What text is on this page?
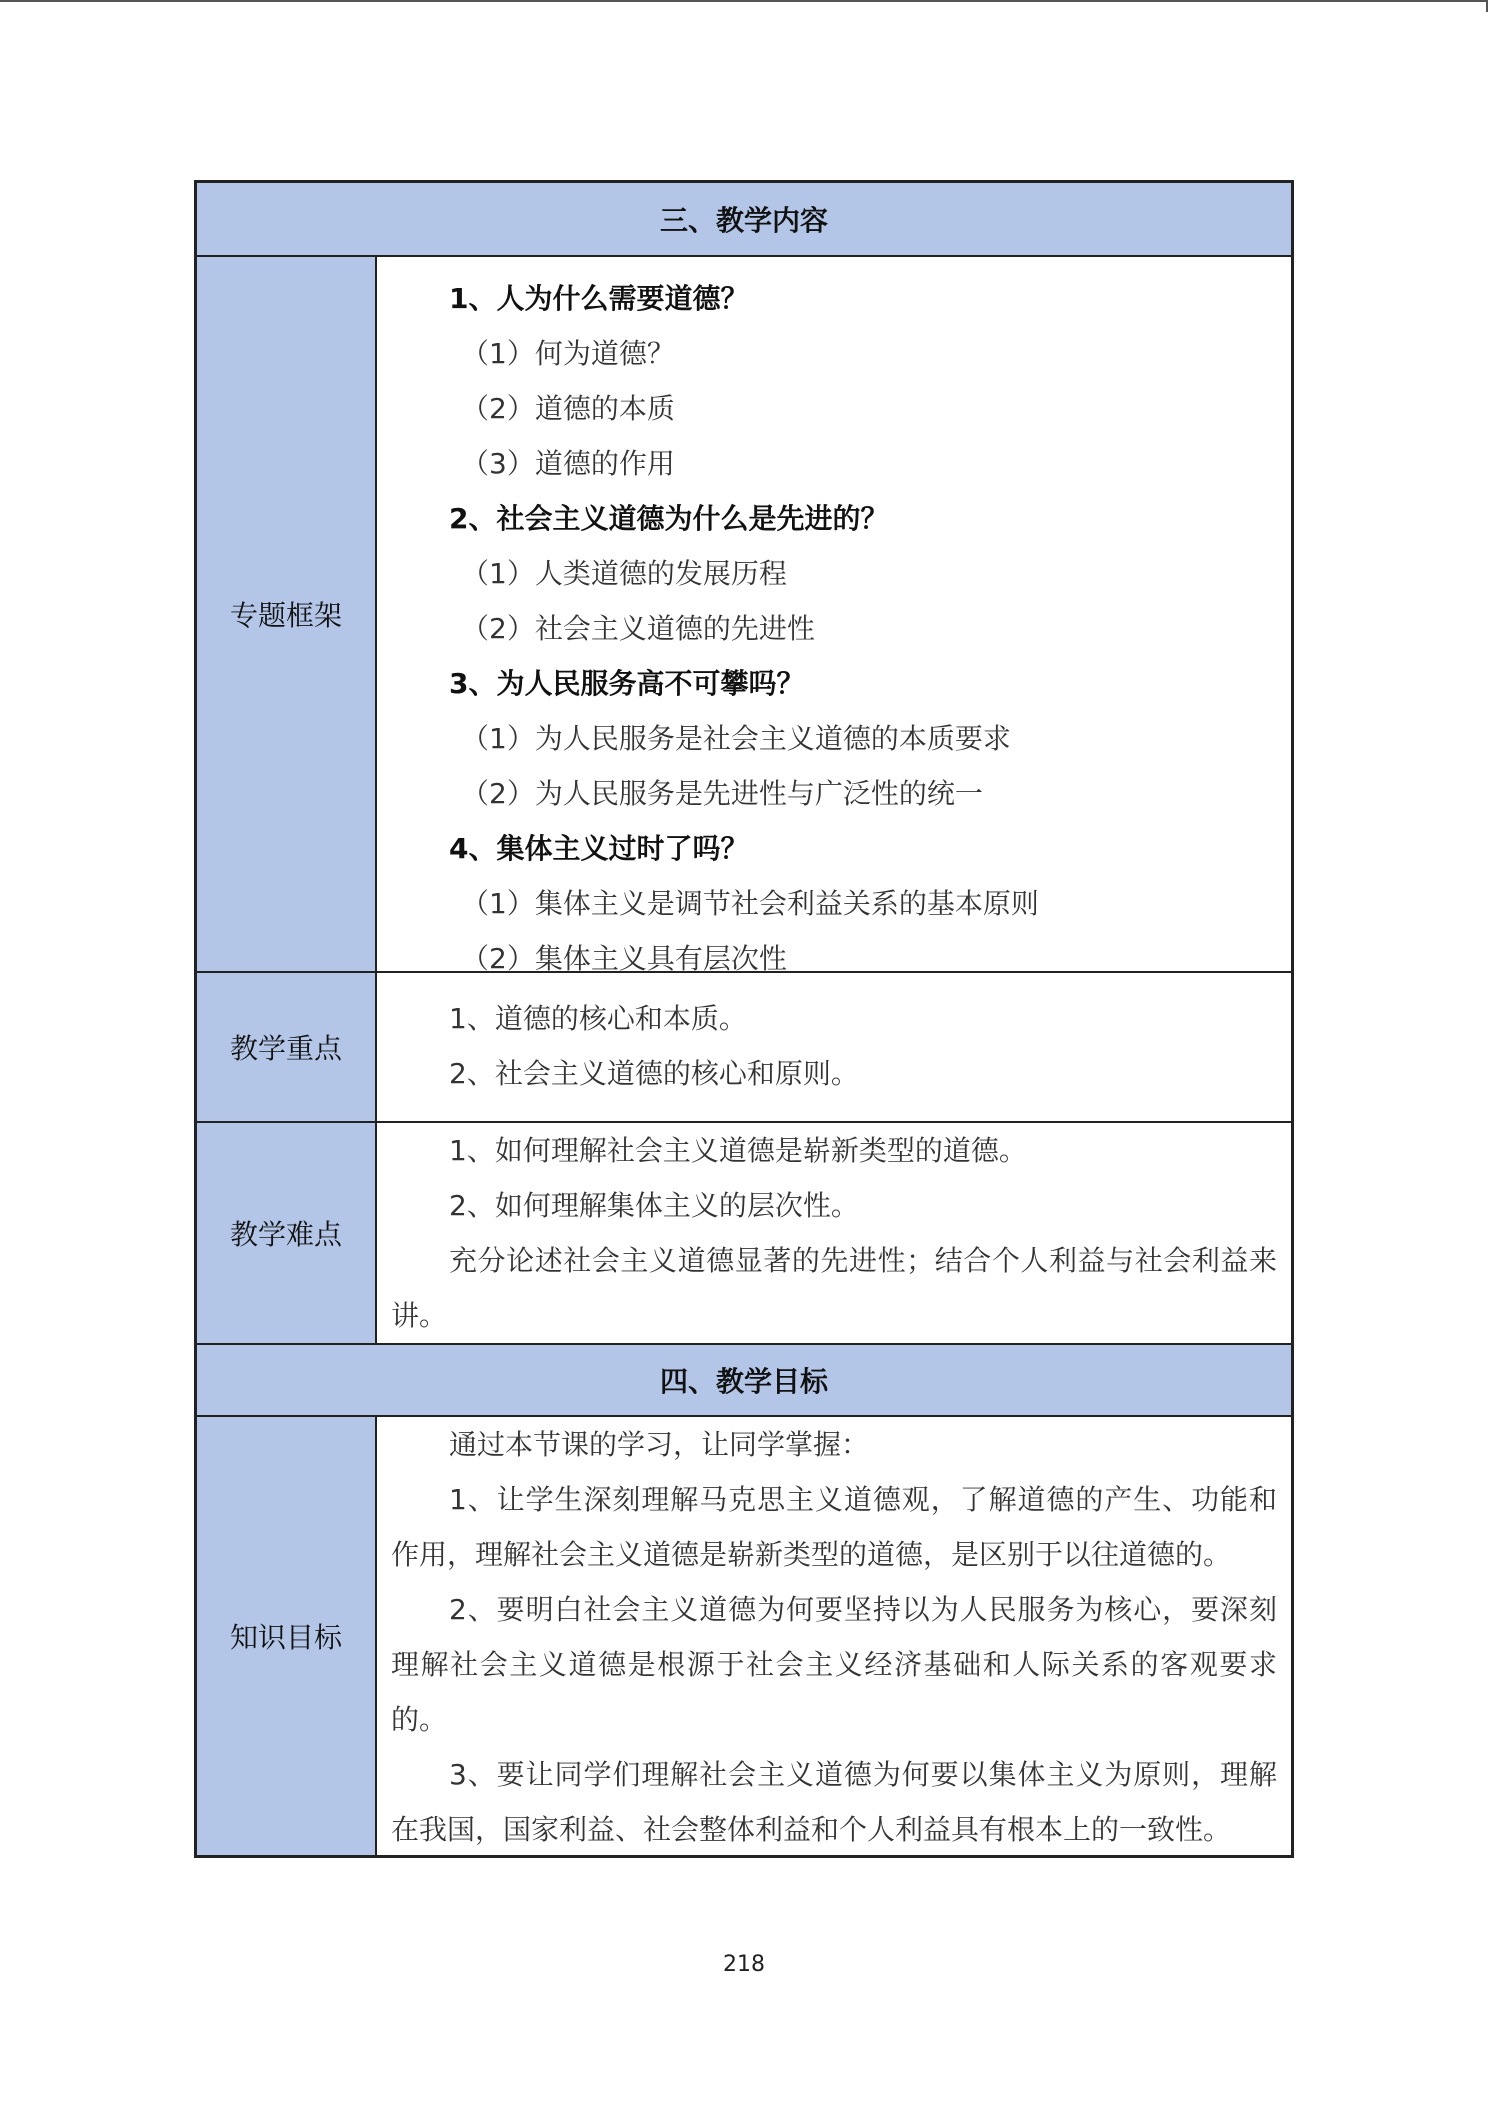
三、教学内容
专题框架
1、人为什么需要道德？
（1）何为道德？
（2）道德的本质
（3）道德的作用
2、社会主义道德为什么是先进的？
（1）人类道德的发展历程
（2）社会主义道德的先进性
3、为人民服务高不可攀吗？
（1）为人民服务是社会主义道德的本质要求
（2）为人民服务是先进性与广泛性的统一
4、集体主义过时了吗？
（1）集体主义是调节社会利益关系的基本原则
（2）集体主义具有层次性
教学重点
1、道德的核心和本质。
2、社会主义道德的核心和原则。
教学难点
1、如何理解社会主义道德是崭新类型的道德。
2、如何理解集体主义的层次性。
充分论述社会主义道德显著的先进性；结合个人利益与社会利益来讲。
四、教学目标
知识目标
通过本节课的学习，让同学掌握：
1、让学生深刻理解马克思主义道德观，了解道德的产生、功能和作用，理解社会主义道德是崭新类型的道德，是区别于以往道德的。
2、要明白社会主义道德为何要坚持以为人民服务为核心，要深刻理解社会主义道德是根源于社会主义经济基础和人际关系的客观要求的。
3、要让同学们理解社会主义道德为何要以集体主义为原则，理解在我国，国家利益、社会整体利益和个人利益具有根本上的一致性。
218
